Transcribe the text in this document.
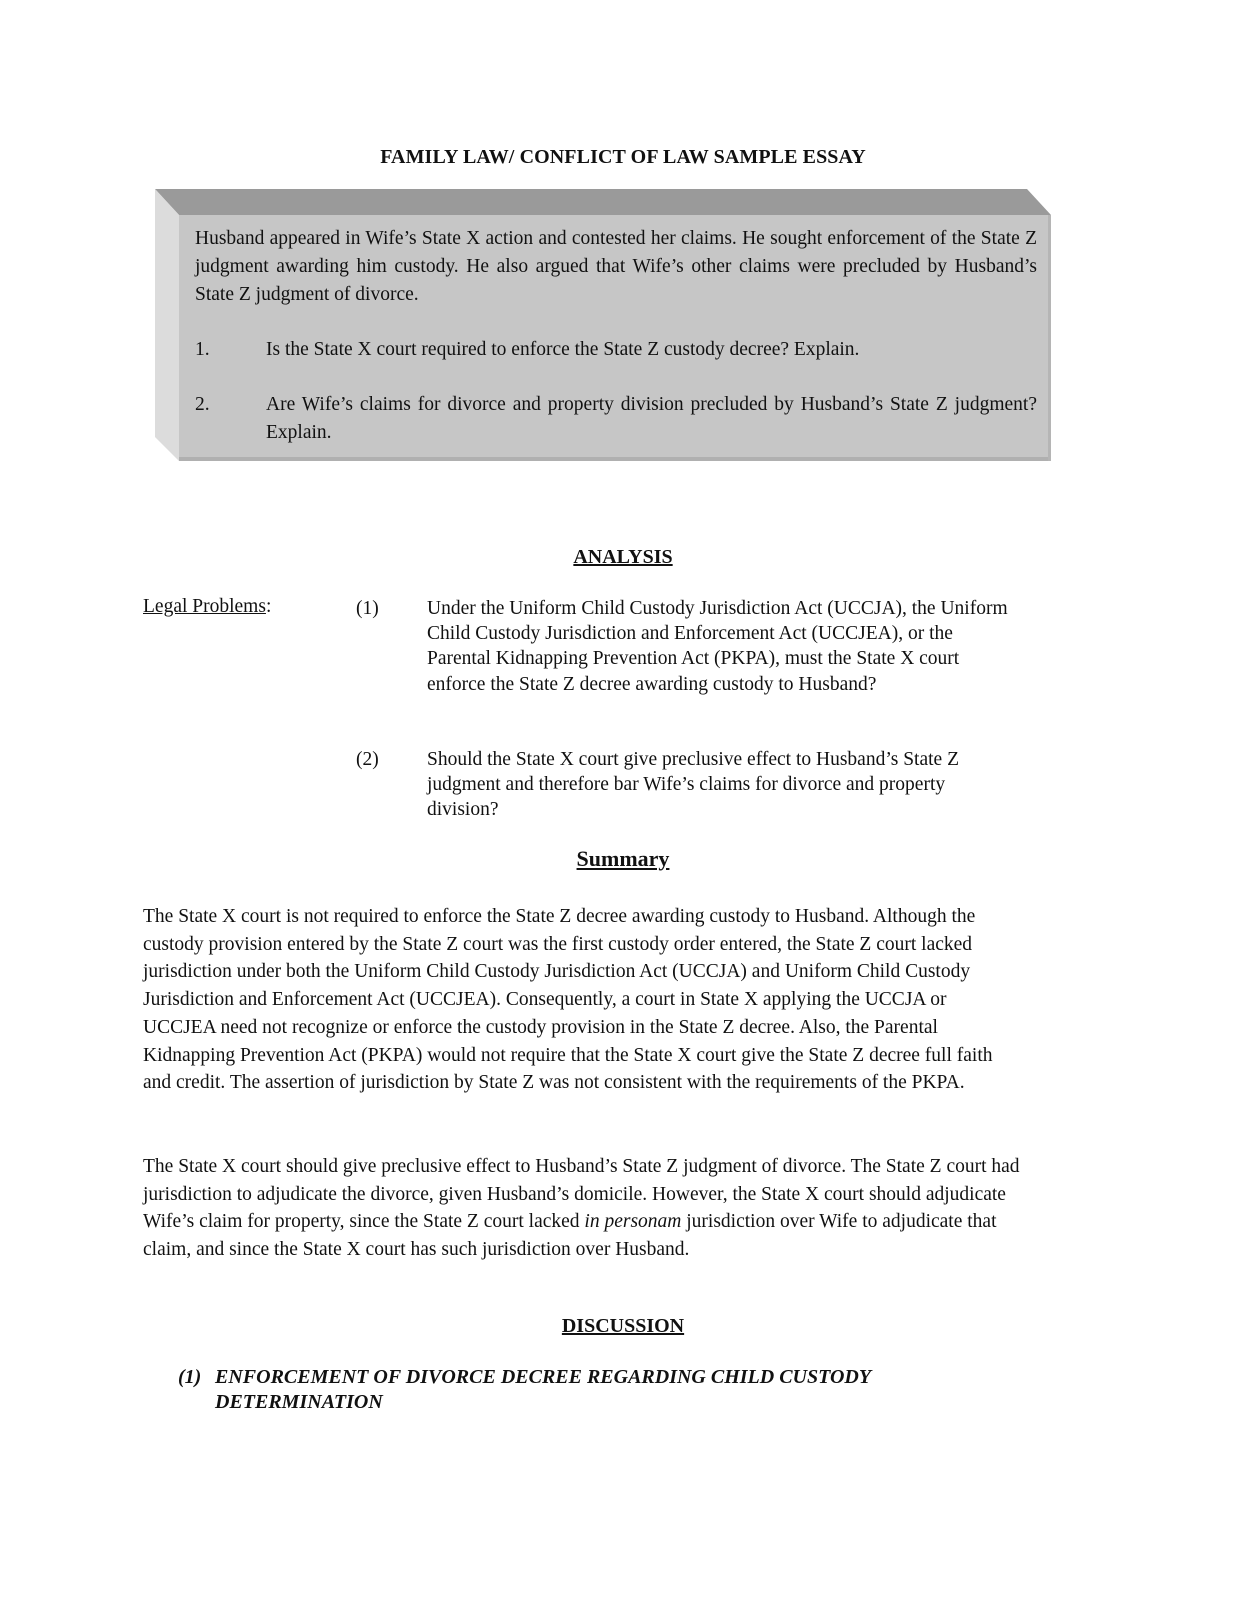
FAMILY LAW/ CONFLICT OF LAW SAMPLE ESSAY

Husband appeared in Wife’s State X action and contested her claims. He sought enforcement of the State Z judgment awarding him custody. He also argued that Wife’s other claims were precluded by Husband’s State Z judgment of divorce.

1.	Is the State X court required to enforce the State Z custody decree? Explain.
2.	Are Wife’s claims for divorce and property division precluded by Husband’s State Z judgment? Explain.
ANALYSIS
Legal Problems:	(1)	Under the Uniform Child Custody Jurisdiction Act (UCCJA), the Uniform Child Custody Jurisdiction and Enforcement Act (UCCJEA), or the Parental Kidnapping Prevention Act (PKPA), must the State X court enforce the State Z decree awarding custody to Husband?
(2)	Should the State X court give preclusive effect to Husband’s State Z judgment and therefore bar Wife’s claims for divorce and property division?
Summary

The State X court is not required to enforce the State Z decree awarding custody to Husband. Although the custody provision entered by the State Z court was the first custody order entered, the State Z court lacked jurisdiction under both the Uniform Child Custody Jurisdiction Act (UCCJA) and Uniform Child Custody Jurisdiction and Enforcement Act (UCCJEA). Consequently, a court in State X applying the UCCJA or UCCJEA need not recognize or enforce the custody provision in the State Z decree. Also, the Parental Kidnapping Prevention Act (PKPA) would not require that the State X court give the State Z decree full faith and credit. The assertion of jurisdiction by State Z was not consistent with the requirements of the PKPA.

The State X court should give preclusive effect to Husband’s State Z judgment of divorce. The State Z court had jurisdiction to adjudicate the divorce, given Husband’s domicile. However, the State X court should adjudicate Wife’s claim for property, since the State Z court lacked in personam jurisdiction over Wife to adjudicate that claim, and since the State X court has such jurisdiction over Husband.

DISCUSSION
(1) ENFORCEMENT OF DIVORCE DECREE REGARDING CHILD CUSTODY DETERMINATION
